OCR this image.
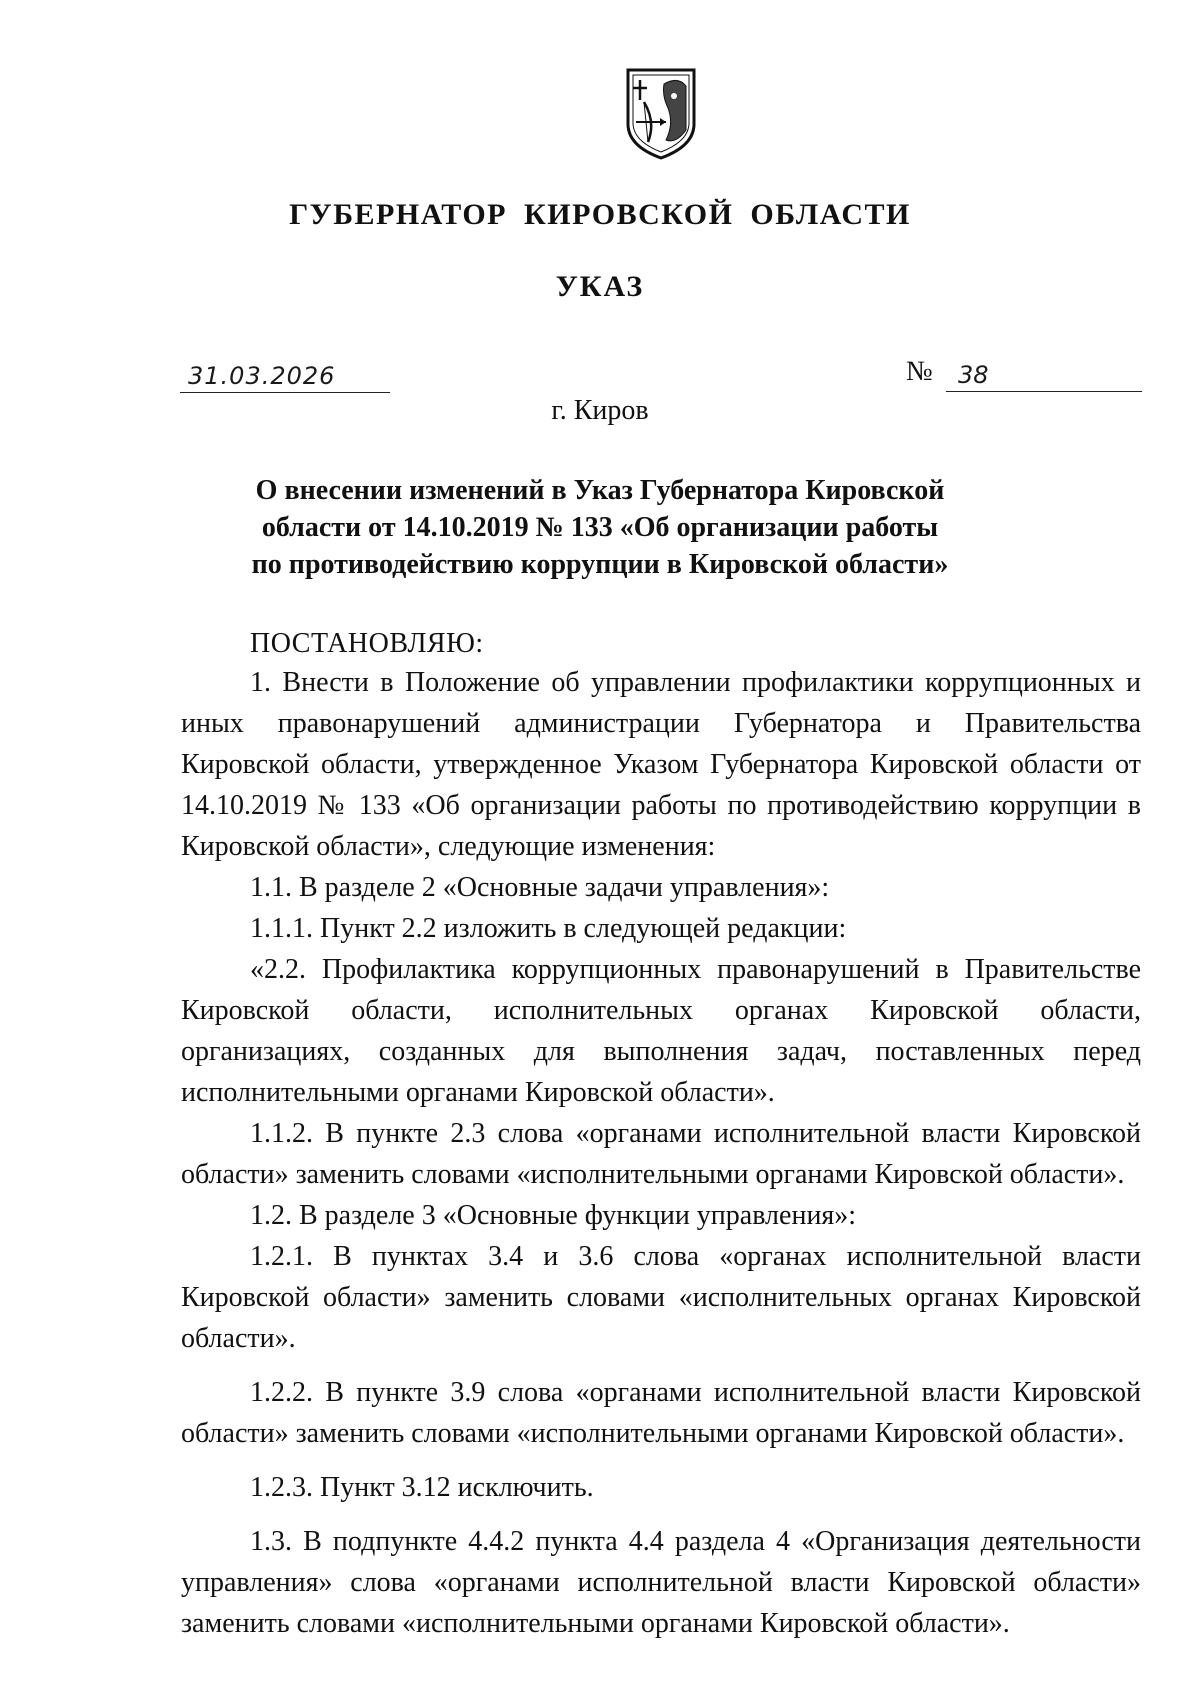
ГУБЕРНАТОР КИРОВСКОЙ ОБЛАСТИ
УКАЗ
31.03.2026	№ 38
г. Киров
О внесении изменений в Указ Губернатора Кировской
области от 14.10.2019 № 133 «Об организации работы
по противодействию коррупции в Кировской области»
ПОСТАНОВЛЯЮ:

1. Внести в Положение об управлении профилактики коррупционных и иных правонарушений администрации Губернатора и Правительства Кировской области, утвержденное Указом Губернатора Кировской области от 14.10.2019 № 133 «Об организации работы по противодействию коррупции в Кировской области», следующие изменения:

1.1. В разделе 2 «Основные задачи управления»:

1.1.1. Пункт 2.2 изложить в следующей редакции:

«2.2. Профилактика коррупционных правонарушений в Правительстве Кировской области, исполнительных органах Кировской области, организациях, созданных для выполнения задач, поставленных перед исполнительными органами Кировской области».

1.1.2. В пункте 2.3 слова «органами исполнительной власти Кировской области» заменить словами «исполнительными органами Кировской области».

1.2. В разделе 3 «Основные функции управления»:

1.2.1. В пунктах 3.4 и 3.6 слова «органах исполнительной власти Кировской области» заменить словами «исполнительных органах Кировской области».

1.2.2. В пункте 3.9 слова «органами исполнительной власти Кировской области» заменить словами «исполнительными органами Кировской области».

1.2.3. Пункт 3.12 исключить.

1.3. В подпункте 4.4.2 пункта 4.4 раздела 4 «Организация деятельности управления» слова «органами исполнительной власти Кировской области» заменить словами «исполнительными органами Кировской области».
